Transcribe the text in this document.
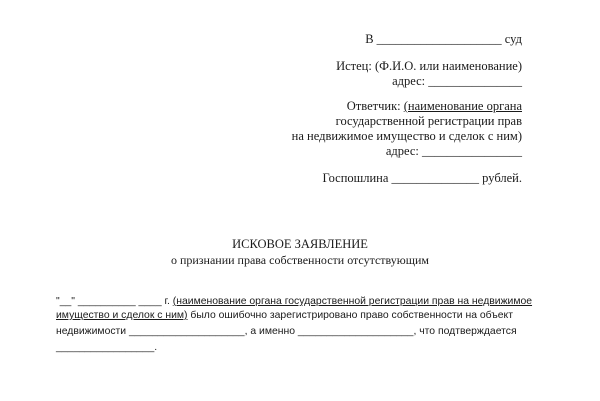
В ____________________ суд
Истец: (Ф.И.О. или наименование)
адрес: _______________
Ответчик: (наименование органа
государственной регистрации прав
на недвижимое имущество и сделок с ним)
адрес: ________________
Госпошлина ______________ рублей.
ИСКОВОЕ ЗАЯВЛЕНИЕ
о признании права собственности отсутствующим
"__" __________ ____ г. (наименование органа государственной регистрации прав на недвижимое
имущество и сделок с ним) было ошибочно зарегистрировано право собственности на объект
недвижимости ____________________, а именно ____________________, что подтверждается
_________________.
